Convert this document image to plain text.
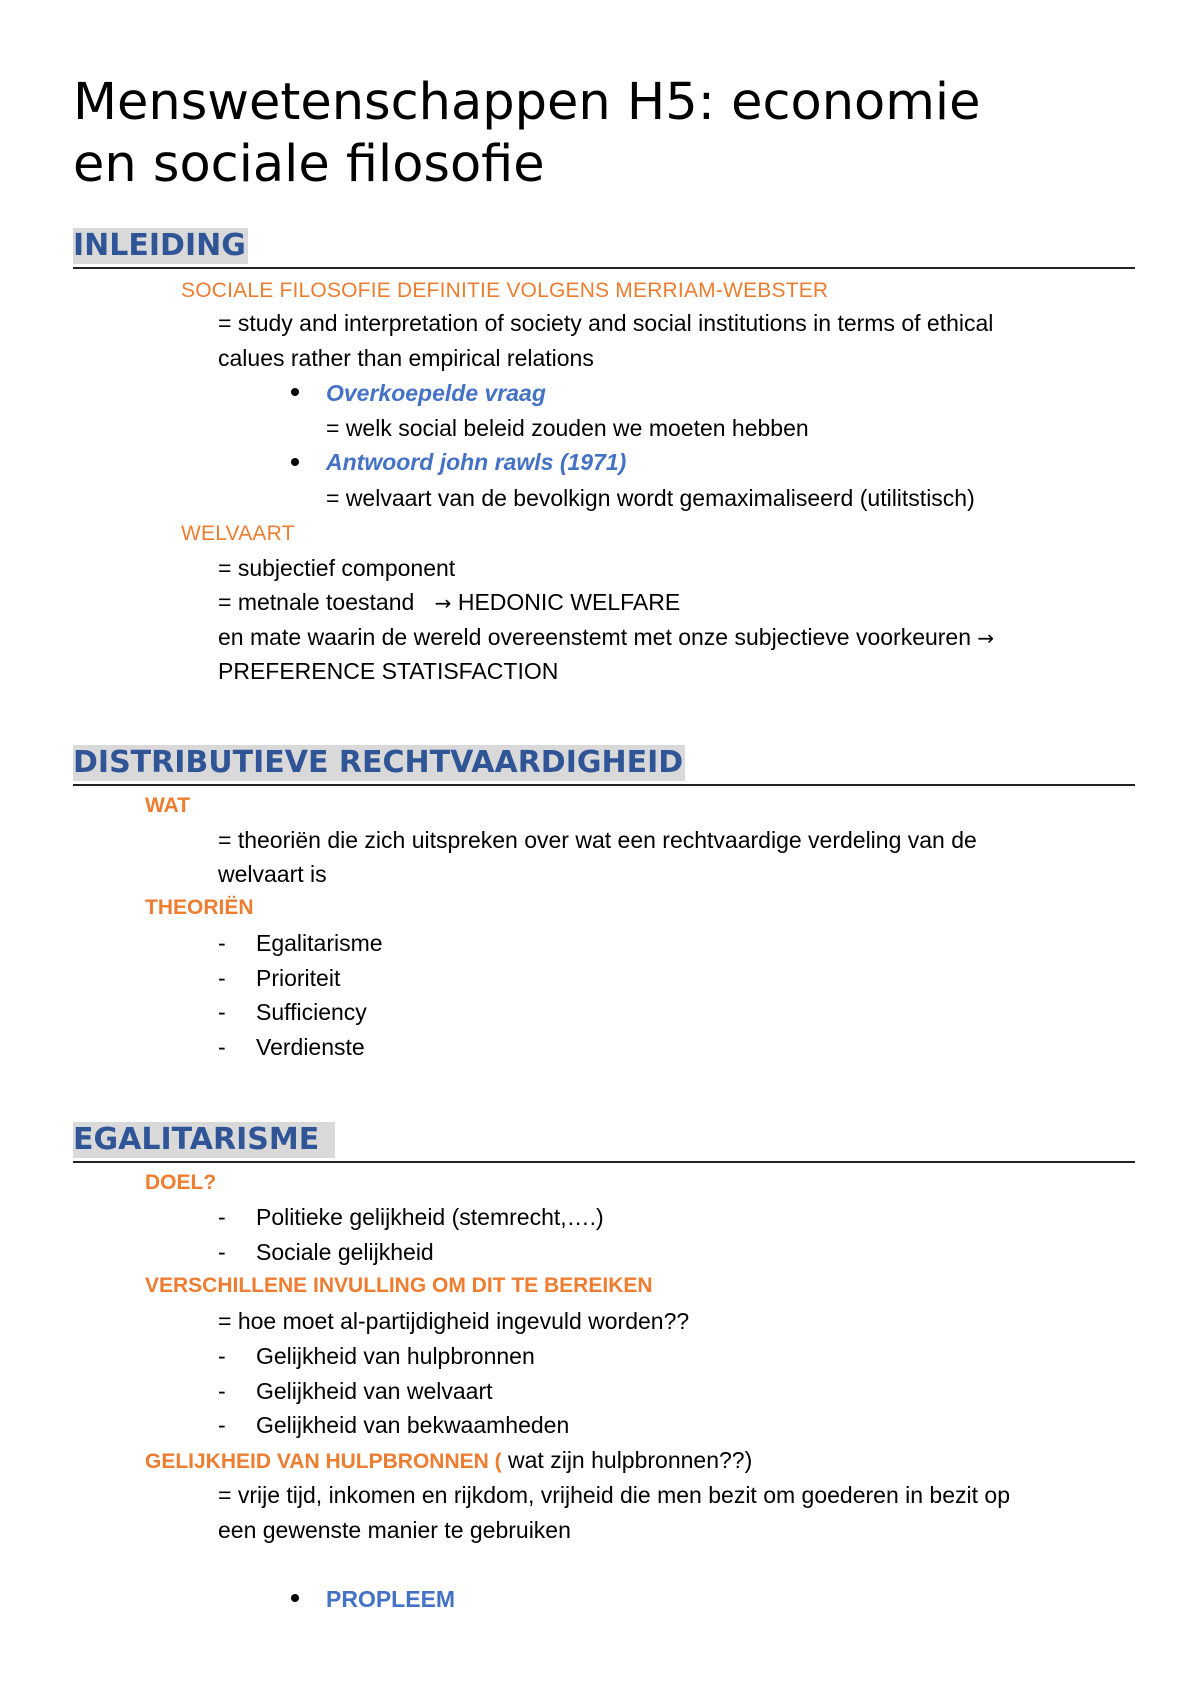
Menswetenschappen H5: economie
en sociale filosofie
INLEIDING
SOCIALE FILOSOFIE DEFINITIE VOLGENS MERRIAM-WEBSTER
= study and interpretation of society and social institutions in terms of ethical
calues rather than empirical relations
Overkoepelde vraag
= welk social beleid zouden we moeten hebben
Antwoord john rawls (1971)
= welvaart van de bevolkign wordt gemaximaliseerd (utilitstisch)
WELVAART
= subjectief component
= metnale toestand → HEDONIC WELFARE
en mate waarin de wereld overeenstemt met onze subjectieve voorkeuren →
PREFERENCE STATISFACTION
DISTRIBUTIEVE RECHTVAARDIGHEID
WAT
= theoriën die zich uitspreken over wat een rechtvaardige verdeling van de
welvaart is
THEORIËN
- Egalitarisme
- Prioriteit
- Sufficiency
- Verdienste
EGALITARISME
DOEL?
- Politieke gelijkheid (stemrecht,….)
- Sociale gelijkheid
VERSCHILLENE INVULLING OM DIT TE BEREIKEN
= hoe moet al-partijdigheid ingevuld worden??
- Gelijkheid van hulpbronnen
- Gelijkheid van welvaart
- Gelijkheid van bekwaamheden
GELIJKHEID VAN HULPBRONNEN ( wat zijn hulpbronnen??)
= vrije tijd, inkomen en rijkdom, vrijheid die men bezit om goederen in bezit op
een gewenste manier te gebruiken
PROPLEEM
